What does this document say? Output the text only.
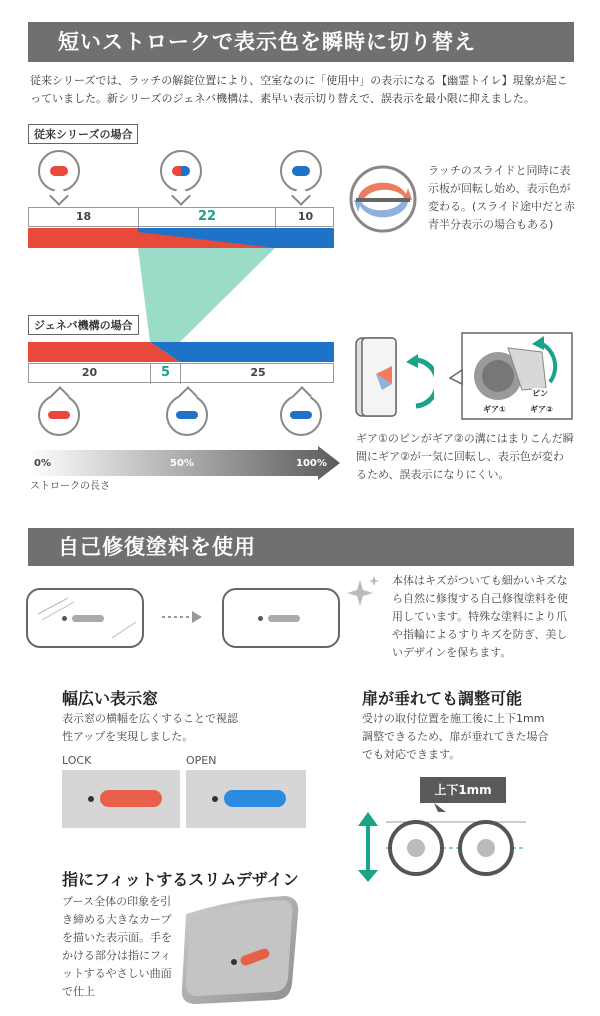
短いストロークで表示色を瞬時に切り替え
従来シリーズでは、ラッチの解錠位置により、空室なのに「使用中」の表示になる【幽霊トイレ】現象が起こっていました。新シリーズのジェネバ機構は、素早い表示切り替えで、誤表示を最小限に抑えました。
従来シリーズの場合
18	22	10
ジェネバ機構の場合
20	5	25
0%	50%	100%
ストロークの長さ
ラッチのスライドと同時に表示板が回転し始め、表示色が変わる。(スライド途中だと赤青半分表示の場合もある)
ピン
ギア①	ギア②
ギア①のピンがギア②の溝にはまりこんだ瞬間にギア②が一気に回転し、表示色が変わるため、誤表示になりにくい。
自己修復塗料を使用
本体はキズがついても細かいキズなら自然に修復する自己修復塗料を使用しています。特殊な塗料により爪や指輪によるすりキズを防ぎ、美しいデザインを保ちます。
幅広い表示窓
表示窓の横幅を広くすることで視認性アップを実現しました。
LOCK	OPEN
扉が垂れても調整可能
受けの取付位置を施工後に上下1mm調整できるため、扉が垂れてきた場合でも対応できます。
上下1mm
指にフィットするスリムデザイン
ブース全体の印象を引き締める大きなカーブを描いた表示面。手をかける部分は指にフィットするやさしい曲面で仕上
